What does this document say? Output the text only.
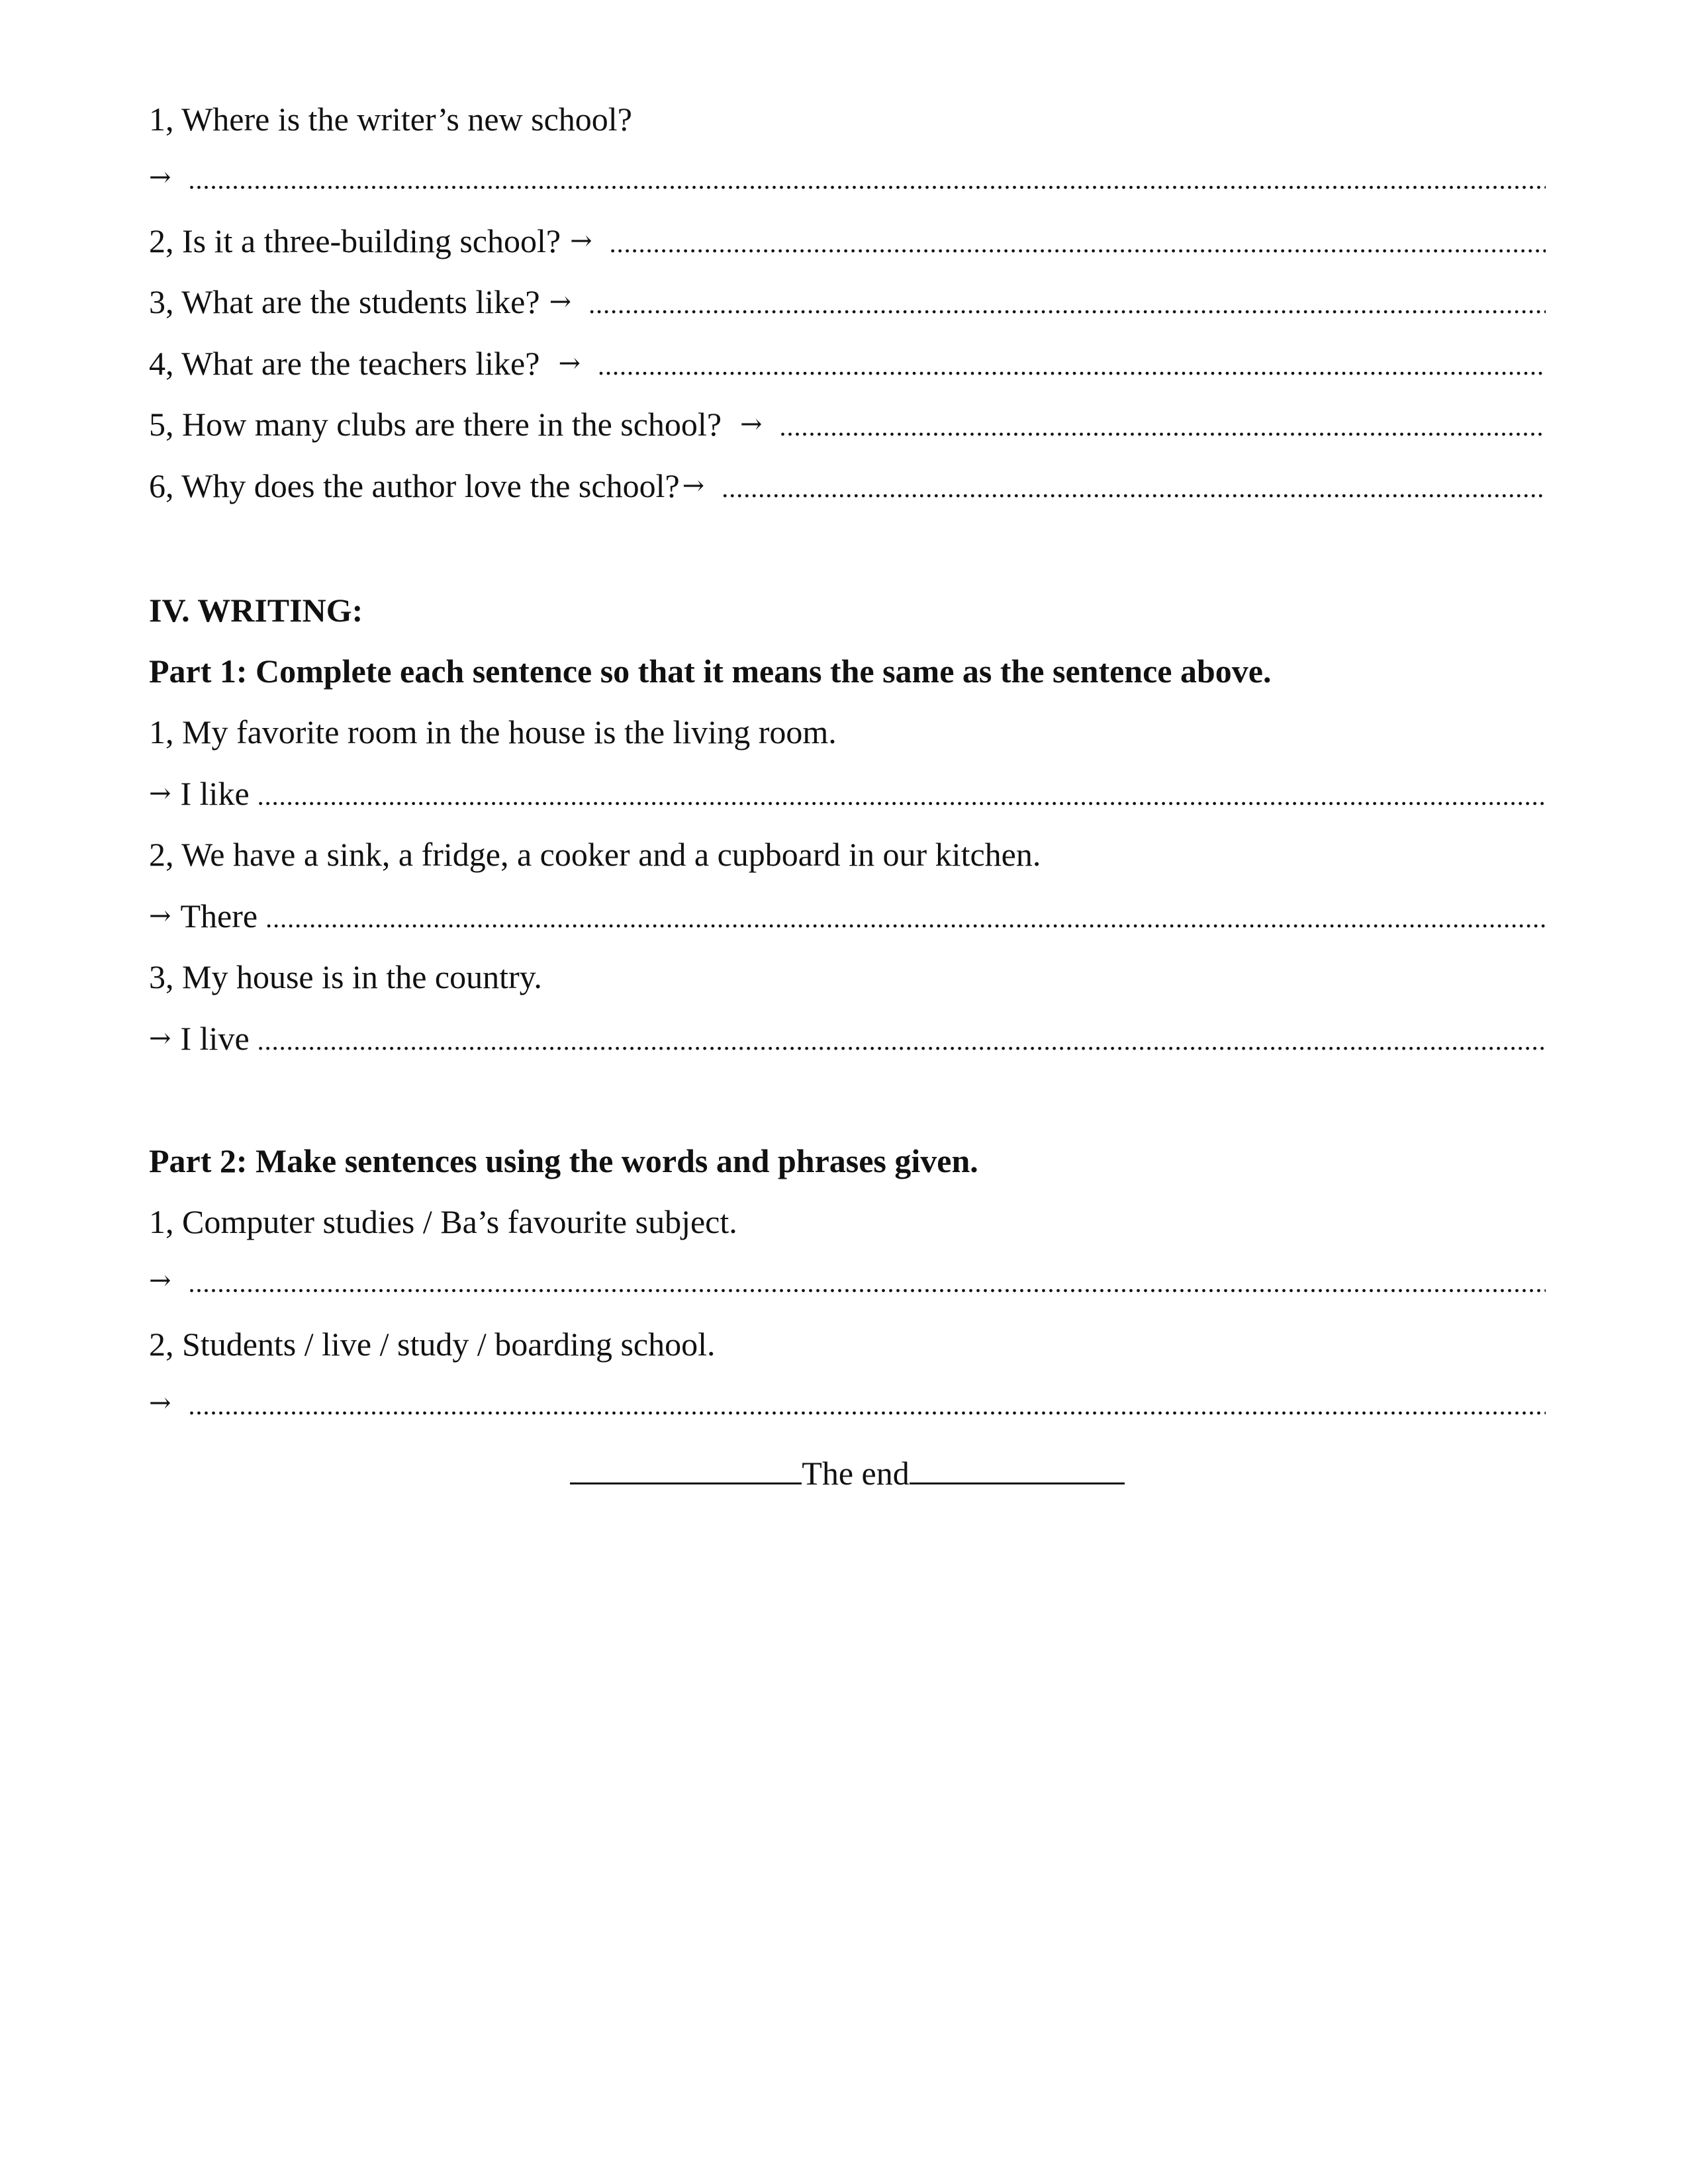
1, Where is the writer’s new school?
→
.....
2, Is it a three-building school? →
.....
3, What are the students like? →
.....
4, What are the teachers like? →
.....
5, How many clubs are there in the school? →
.....
6, Why does the author love the school? →
.....
IV. WRITING:
Part 1: Complete each sentence so that it means the same as the sentence above.
1, My favorite room in the house is the living room.
→ I like
.....
2, We have a sink, a fridge, a cooker and a cupboard in our kitchen.
→ There
.....
3, My house is in the country.
→ I live
.....
Part 2: Make sentences using the words and phrases given.
1, Computer studies / Ba’s favourite subject.
→
.....
2, Students / live / study / boarding school.
→
.....
The end
